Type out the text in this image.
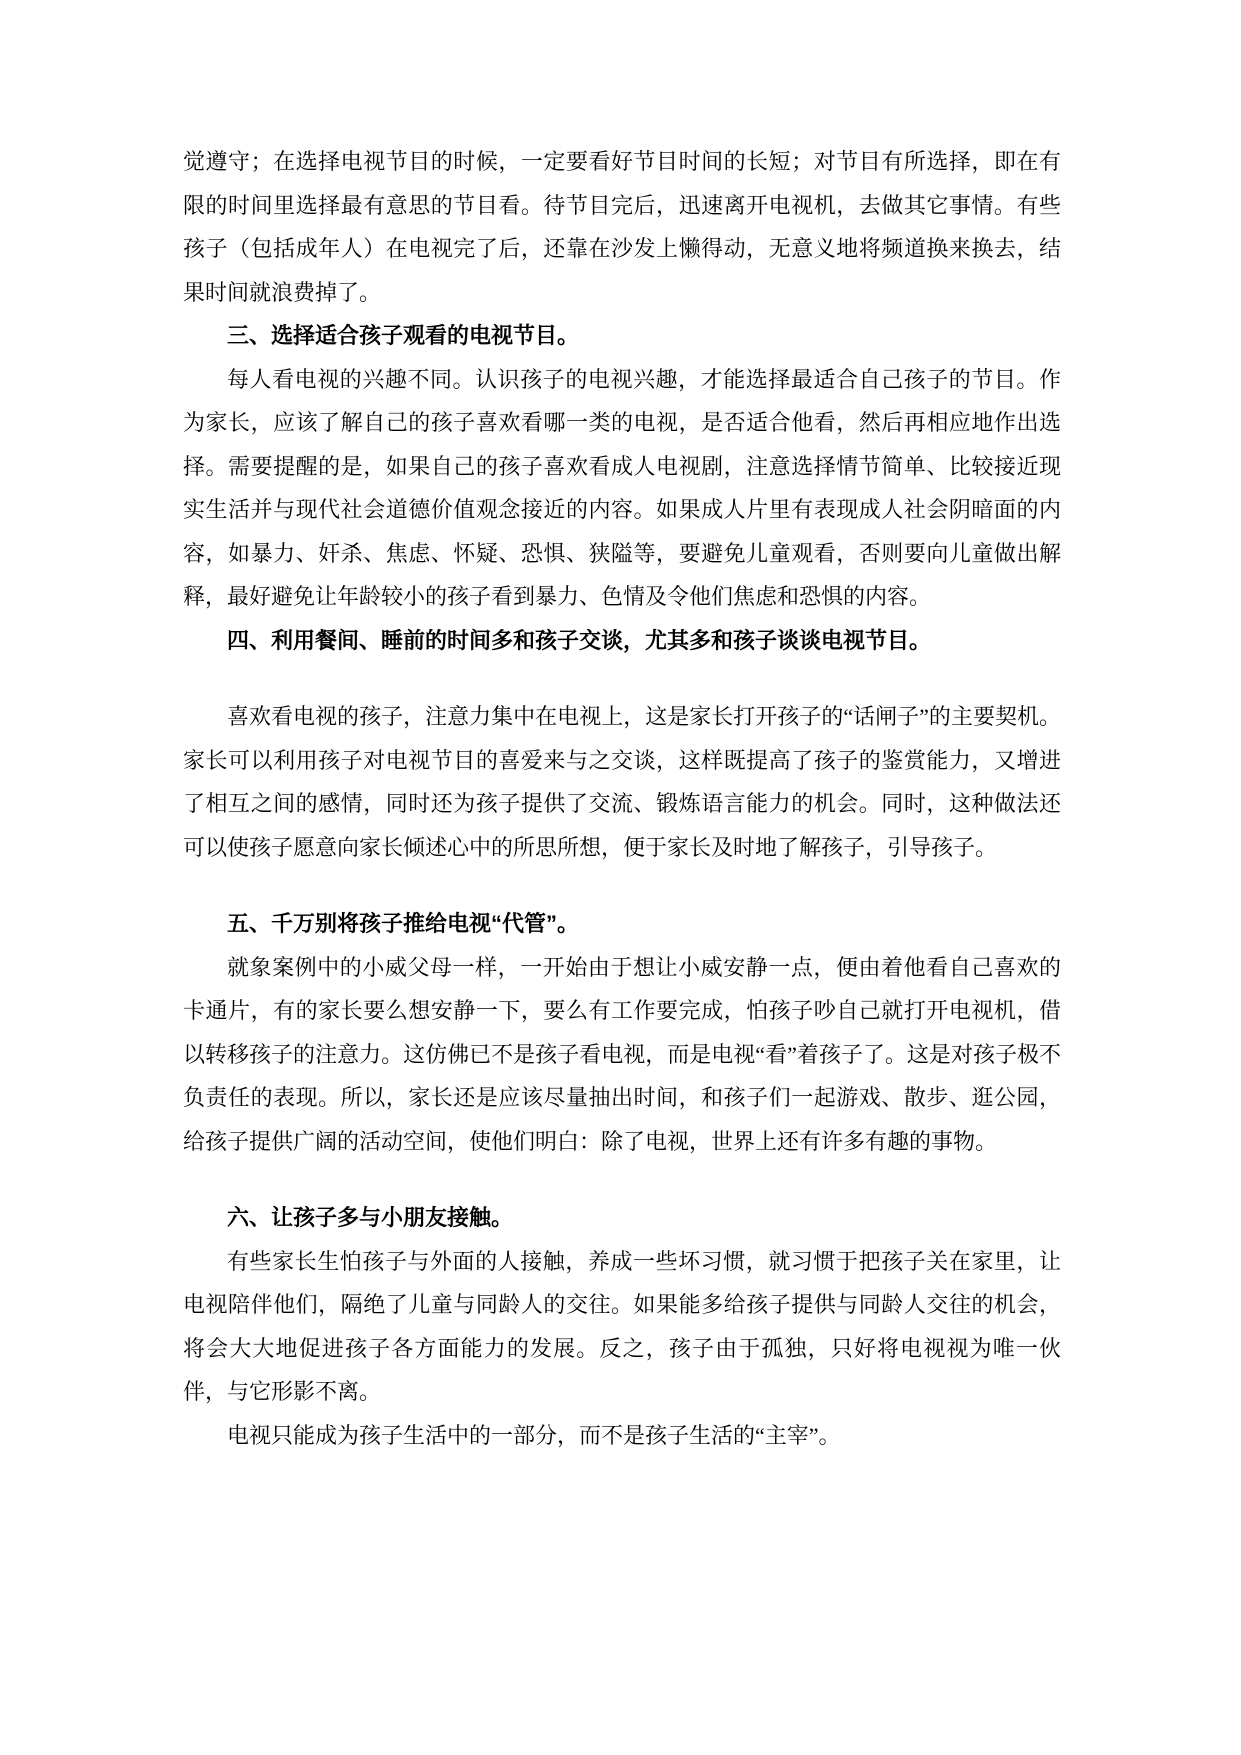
觉遵守；在选择电视节目的时候，一定要看好节目时间的长短；对节目有所选择，即在有限的时间里选择最有意思的节目看。待节目完后，迅速离开电视机，去做其它事情。有些孩子（包括成年人）在电视完了后，还靠在沙发上懒得动，无意义地将频道换来换去，结果时间就浪费掉了。

三、选择适合孩子观看的电视节目。

每人看电视的兴趣不同。认识孩子的电视兴趣，才能选择最适合自己孩子的节目。作为家长，应该了解自己的孩子喜欢看哪一类的电视，是否适合他看，然后再相应地作出选择。需要提醒的是，如果自己的孩子喜欢看成人电视剧，注意选择情节简单、比较接近现实生活并与现代社会道德价值观念接近的内容。如果成人片里有表现成人社会阴暗面的内容，如暴力、奸杀、焦虑、怀疑、恐惧、狭隘等，要避免儿童观看，否则要向儿童做出解释，最好避免让年龄较小的孩子看到暴力、色情及令他们焦虑和恐惧的内容。

四、利用餐间、睡前的时间多和孩子交谈，尤其多和孩子谈谈电视节目。

喜欢看电视的孩子，注意力集中在电视上，这是家长打开孩子的“话闸子”的主要契机。家长可以利用孩子对电视节目的喜爱来与之交谈，这样既提高了孩子的鉴赏能力，又增进了相互之间的感情，同时还为孩子提供了交流、锻炼语言能力的机会。同时，这种做法还可以使孩子愿意向家长倾述心中的所思所想，便于家长及时地了解孩子，引导孩子。

五、千万别将孩子推给电视“代管”。

就象案例中的小威父母一样，一开始由于想让小威安静一点，便由着他看自己喜欢的卡通片，有的家长要么想安静一下，要么有工作要完成，怕孩子吵自己就打开电视机，借以转移孩子的注意力。这仿佛已不是孩子看电视，而是电视“看”着孩子了。这是对孩子极不负责任的表现。所以，家长还是应该尽量抽出时间，和孩子们一起游戏、散步、逛公园，给孩子提供广阔的活动空间，使他们明白：除了电视，世界上还有许多有趣的事物。

六、让孩子多与小朋友接触。

有些家长生怕孩子与外面的人接触，养成一些坏习惯，就习惯于把孩子关在家里，让电视陪伴他们，隔绝了儿童与同龄人的交往。如果能多给孩子提供与同龄人交往的机会，将会大大地促进孩子各方面能力的发展。反之，孩子由于孤独，只好将电视视为唯一伙伴，与它形影不离。

电视只能成为孩子生活中的一部分，而不是孩子生活的“主宰”。
